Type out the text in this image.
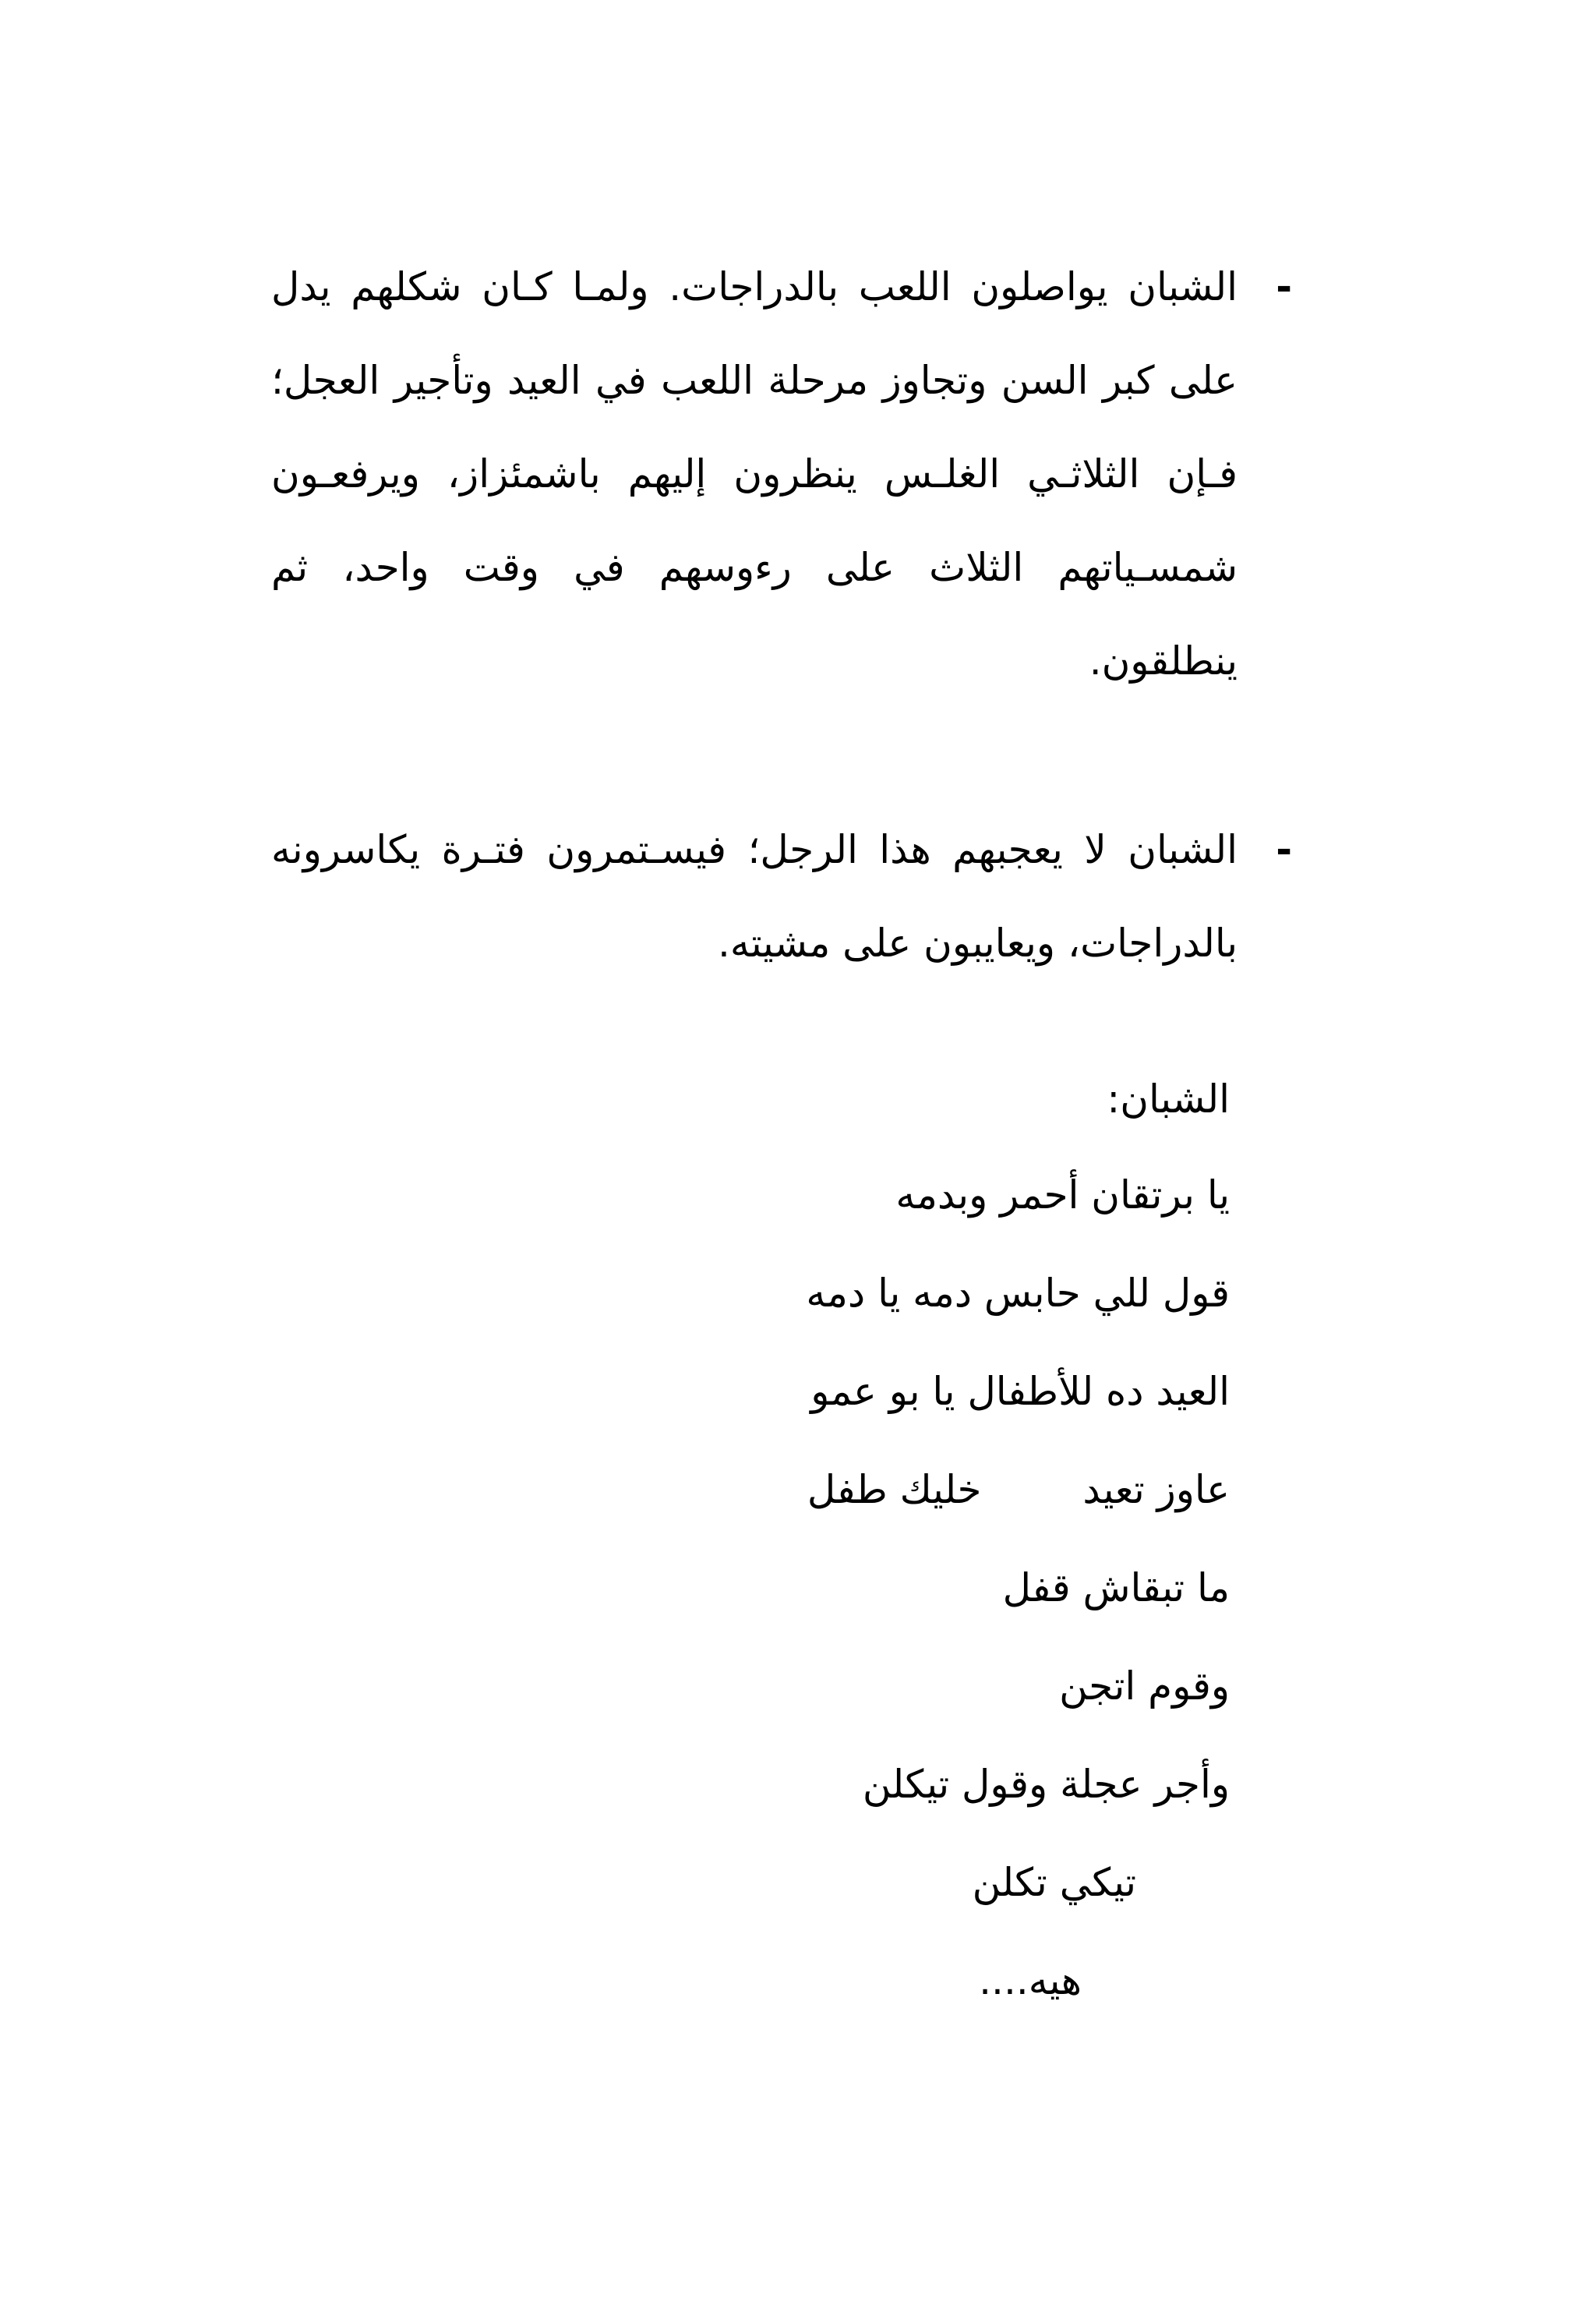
-
الشبان يواصلون اللعب بالدراجات. ولمـا كـان شكلهم يدل على كبر السن وتجاوز مرحلة اللعب في العيد وتأجير العجل؛ فـإن الثلاثـي الغلـس ينظرون إليهم باشمئزاز، ويرفعـون شمسـياتهم الثلاث على رءوسهم في وقت واحد، ثم ينطلقون.
-
الشبان لا يعجبهم هذا الرجل؛ فيسـتمرون فتـرة يكاسرونه بالدراجات، ويعايبون على مشيته.
الشبان:
يا برتقان أحمر وبدمه
قول للي حابس دمه يا دمه
العيد ده للأطفال يا بو عمو
عاوز تعيدخليك طفل
ما تبقاش قفل
وقوم اتجن
وأجر عجلة وقول تيكلن
تيكي تكلن
هيه....
